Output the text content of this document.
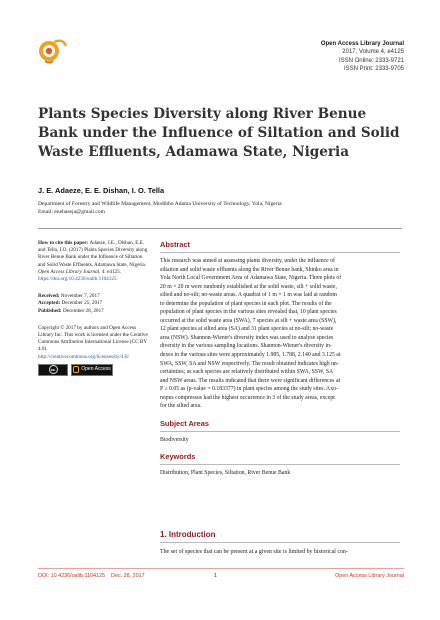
Open Access Library Journal
2017, Volume 4, e4125
ISSN Online: 2333-9721
ISSN Print: 2333-9705
Plants Species Diversity along River Benue
Bank under the Influence of Siltation and Solid
Waste Effluents, Adamawa State, Nigeria
J. E. Adaeze, E. E. Dishan, I. O. Tella
Department of Forestry and Wildlife Management, Modibbo Adama University of Technology, Yola, Nigeria
Email: enebaseja@gmail.com
How to cite this paper: Adaeze, J.E., Dishan, E.E. and Tella, I.O. (2017) Plants Species Diversity along River Benue Bank under the Influence of Siltation and Solid Waste Effluents, Adamawa State, Nigeria. Open Access Library Journal, 4: e4125.
https://doi.org/10.4236/oalib.1104125
Received: November 7, 2017
Accepted: December 25, 2017
Published: December 28, 2017
Copyright © 2017 by authors and Open Access Library Inc. This work is licensed under the Creative Commons Attribution International License (CC BY 4.0).
http://creativecommons.org/licenses/by/4.0/
cc	Open Access
Abstract
This research was aimed at assessing plants diversity, under the influence of
siltation and solid waste effluents along the River Benue bank, Shinko area in
Yola North Local Government Area of Adamawa State, Nigeria. Three plots of
20 m × 20 m were randomly established at the solid waste, silt + solid waste,
silted and no-silt; no-waste areas. A quadrat of 1 m × 1 m was laid at random
to determine the population of plant species in each plot. The results of the
population of plant species in the various sites revealed that, 10 plant species
occurred at the solid waste area (SWA), 7 species at silt + waste area (SSW),
12 plant species at silted area (SA) and 31 plant species at no-silt; no-waste
area (NSW). Shannon-Wiener's diversity index was used to analyse species
diversity in the various sampling locations. Shannon-Wiener's diversity in-
dexes in the various sites were approximately 1.985, 1.788, 2.140 and 3.125 at
SWA, SSW, SA and NSW respectively. The result obtained indicates high un-
certainties; as each species are relatively distributed within SWA, SSW, SA
and NSW areas. The results indicated that there were significant differences at
P ≥ 0.05 as (p-value = 0.183377) in plant species among the study sites. Axo-
nopus compressus had the highest occurrence in 3 of the study areas, except
for the silted area.
Subject Areas
Biodiversity
Keywords
Distribution, Plant Species, Siltation, River Benue Bank
1. Introduction
The set of species that can be present at a given site is limited by historical con-
DOI: 10.4236/oalib.1104125 Dec. 28, 2017	1	Open Access Library Journal
